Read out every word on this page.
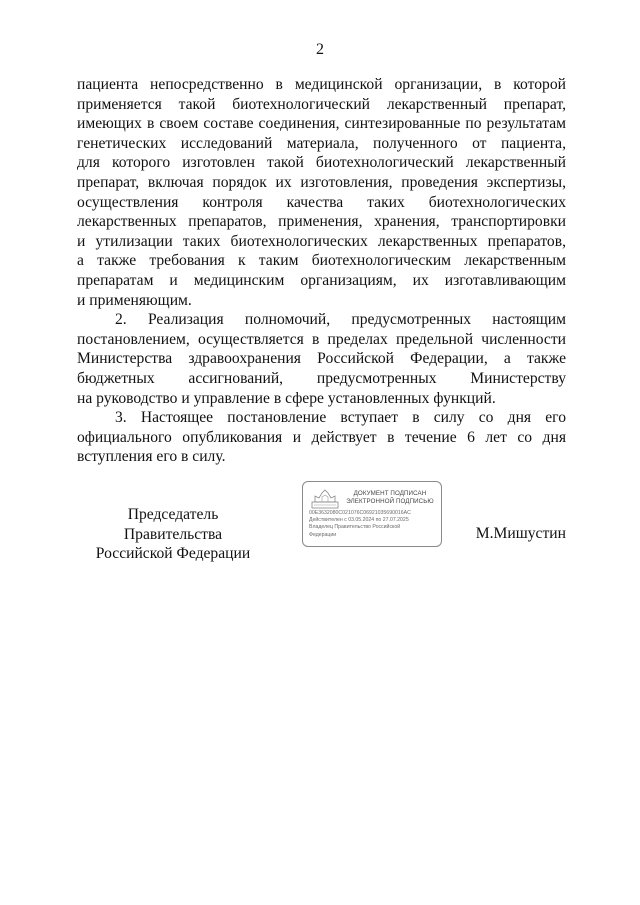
2

пациента непосредственно в медицинской организации, в которой
применяется такой биотехнологический лекарственный препарат,
имеющих в своем составе соединения, синтезированные по результатам
генетических исследований материала, полученного от пациента,
для которого изготовлен такой биотехнологический лекарственный
препарат, включая порядок их изготовления, проведения экспертизы,
осуществления контроля качества таких биотехнологических
лекарственных препаратов, применения, хранения, транспортировки
и утилизации таких биотехнологических лекарственных препаратов,
а также требования к таким биотехнологическим лекарственным
препаратам и медицинским организациям, их изготавливающим
и применяющим.

2. Реализация полномочий, предусмотренных настоящим
постановлением, осуществляется в пределах предельной численности
Министерства здравоохранения Российской Федерации, а также
бюджетных ассигнований, предусмотренных Министерству
на руководство и управление в сфере установленных функций.

3. Настоящее постановление вступает в силу со дня его
официального опубликования и действует в течение 6 лет со дня
вступления его в силу.

Председатель Правительства
Российской Федерации
ДОКУМЕНТ ПОДПИСАН
ЭЛЕКТРОННОЙ ПОДПИСЬЮ
00E3632080C021076C06921035690016AC
Действителен с 03.05.2024 по 27.07.2025
Владелец Правительство Российской
Федерации	М.Мишустин
